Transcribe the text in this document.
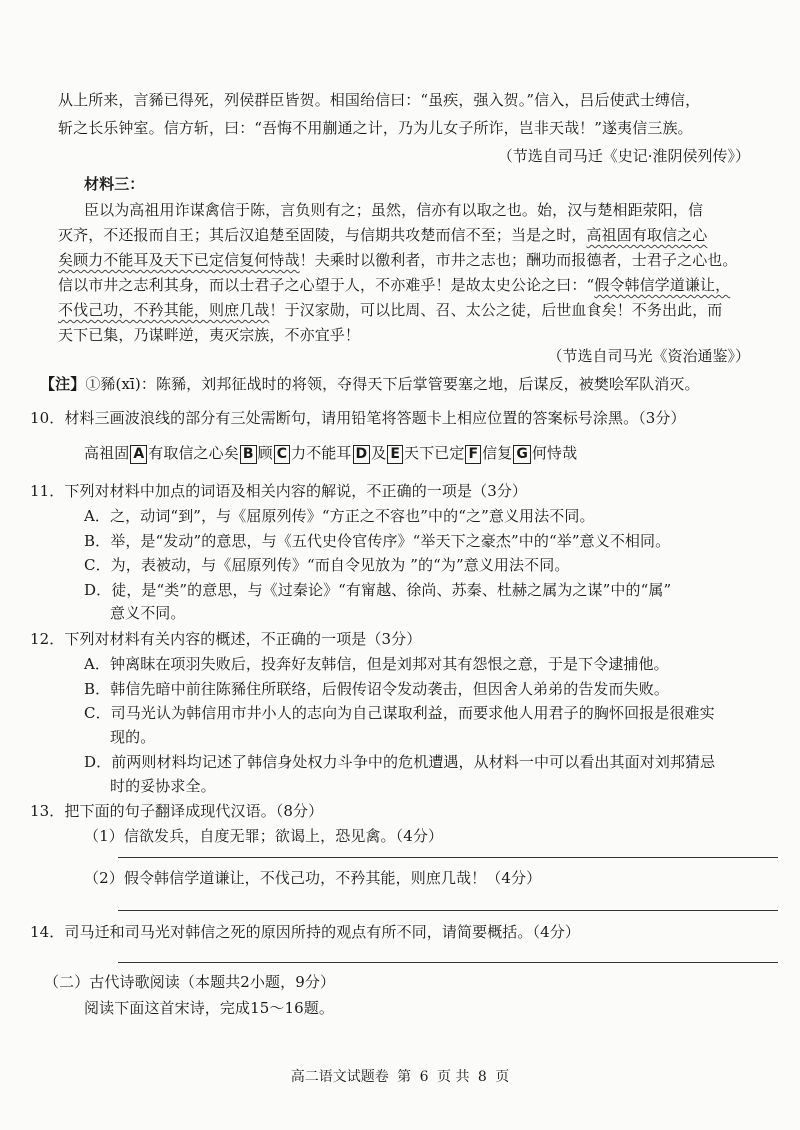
从上所来，言豨已得死，列侯群臣皆贺。相国绐信曰：“虽疾，强入贺。”信入，吕后使武士缚信，
斩之长乐钟室。信方斩，曰：“吾悔不用蒯通之计，乃为儿女子所诈，岂非天哉！”遂夷信三族。
（节选自司马迁《史记·淮阴侯列传》）
材料三：
臣以为高祖用诈谋禽信于陈，言负则有之；虽然，信亦有以取之也。始，汉与楚相距荥阳，信
灭齐，不还报而自王；其后汉追楚至固陵，与信期共攻楚而信不至；当是之时，高祖固有取信之心
矣顾力不能耳及天下已定信复何恃哉！夫乘时以徼利者，市井之志也；酬功而报德者，士君子之心也。
信以市井之志利其身，而以士君子之心望于人，不亦难乎！是故太史公论之曰：“假令韩信学道谦让，
不伐己功，不矜其能，则庶几哉！于汉家勋，可以比周、召、太公之徒，后世血食矣！不务出此，而
天下已集，乃谋畔逆，夷灭宗族，不亦宜乎！
（节选自司马光《资治通鉴》）
【注】①豨(xī)：陈豨，刘邦征战时的将领，夺得天下后掌管要塞之地，后谋反，被樊哙军队消灭。
10．材料三画波浪线的部分有三处需断句，请用铅笔将答题卡上相应位置的答案标号涂黑。（3分）
高祖固 A 有取信之心矣 B 顾 C 力不能耳 D 及 E 天下已定 F 信复 G 何恃哉
11．下列对材料中加点的词语及相关内容的解说，不正确的一项是（3分）
A．之，动词“到”，与《屈原列传》“方正之不容也”中的“之”意义用法不同。
B．举，是“发动”的意思，与《五代史伶官传序》“举天下之豪杰”中的“举”意义不相同。
C．为，表被动，与《屈原列传》“而自令见放为 ”的“为”意义用法不同。
D．徒，是“类”的意思，与《过秦论》“有甯越、徐尚、苏秦、杜赫之属为之谋”中的“属”
意义不同。
12．下列对材料有关内容的概述，不正确的一项是（3分）
A．钟离眜在项羽失败后，投奔好友韩信，但是刘邦对其有怨恨之意，于是下令逮捕他。
B．韩信先暗中前往陈豨住所联络，后假传诏令发动袭击，但因舍人弟弟的告发而失败。
C．司马光认为韩信用市井小人的志向为自己谋取利益，而要求他人用君子的胸怀回报是很难实
现的。
D．前两则材料均记述了韩信身处权力斗争中的危机遭遇，从材料一中可以看出其面对刘邦猜忌
时的妥协求全。
13．把下面的句子翻译成现代汉语。（8分）
（1）信欲发兵，自度无罪；欲谒上，恐见禽。（4分）
（2）假令韩信学道谦让，不伐己功，不矜其能，则庶几哉！（4分）
14．司马迁和司马光对韩信之死的原因所持的观点有所不同，请简要概括。（4分）
（二）古代诗歌阅读（本题共2小题，9分）
阅读下面这首宋诗，完成15～16题。
高二语文试题卷 第 6 页 共 8 页
